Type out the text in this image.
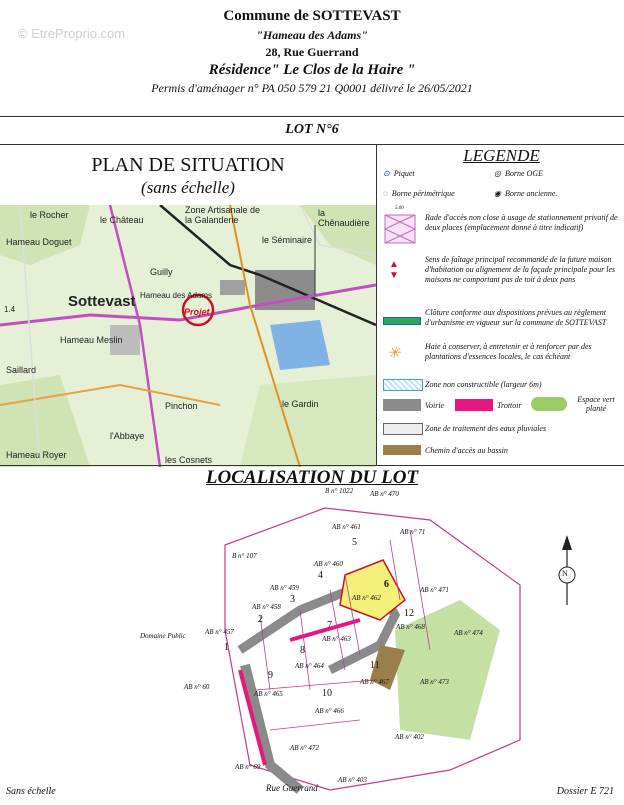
Commune de SOTTEVAST
"Hameau des Adams"
28, Rue Guerrand
Résidence" Le Clos de la Haire "
Permis d'aménager n° PA 050 579 21 Q0001 délivré le 26/05/2021
© EtreProprio.com
LOT N°6
PLAN DE SITUATION
(sans échelle)
le Rocher	le Château
Zone Artisanale de la Galanderie
la Chênaudière
Hameau Doguet	le Séminaire
Guilly
Sottevast Hameau des Adams
Hameau Meslin
Saillard
Pinchon	le Gardin
l'Abbaye
Hameau Royer	les Cosnets
1.4	Projet
LEGENDE
⊙ Piquet	◎ Borne OGE
◌ Borne périmétrique	◉ Borne ancienne.
5.00
Rade d'accès non close à usage de stationnement privatif de deux places (emplacement donné à titre indicatif)
▲
▼
Sens de faîtage principal recommandé de la future maison d'habitation ou alignement de la façade principale pour les maisons ne comportant pas de toit à deux pans
Clôture conforme aux dispositions prévues au règlement d'urbanisme en vigueur sur la commune de SOTTEVAST
✳	Haie à conserver, à entretenir et à renforcer par des plantations d'essences locales, le cas échéant
Zone non constructible (largeur 6m)
Voirie	Trottoir
Espace vert planté
Zone de traitement des eaux pluviales
Chemin d'accès au bassin
LOCALISATION DU LOT
B n° 1022 AB n° 470
AB n° 461
AB n° 71
B n° 107
AB n° 460
AB n° 459
AB n° 462
AB n° 471
AB n° 458
AB n° 468
AB n° 474
Domaine Public	AB n° 457
AB n° 463
AB n° 464
AB n° 467	AB n° 473
AB n° 60
AB n° 465
AB n° 466
AB n° 472
AB n° 402
AB n° 69
AB n° 403
1
2
3
4
5
6
7
8
9
10
11
12
N
Rue Guerrand
Sans échelle	Dossier E 721
